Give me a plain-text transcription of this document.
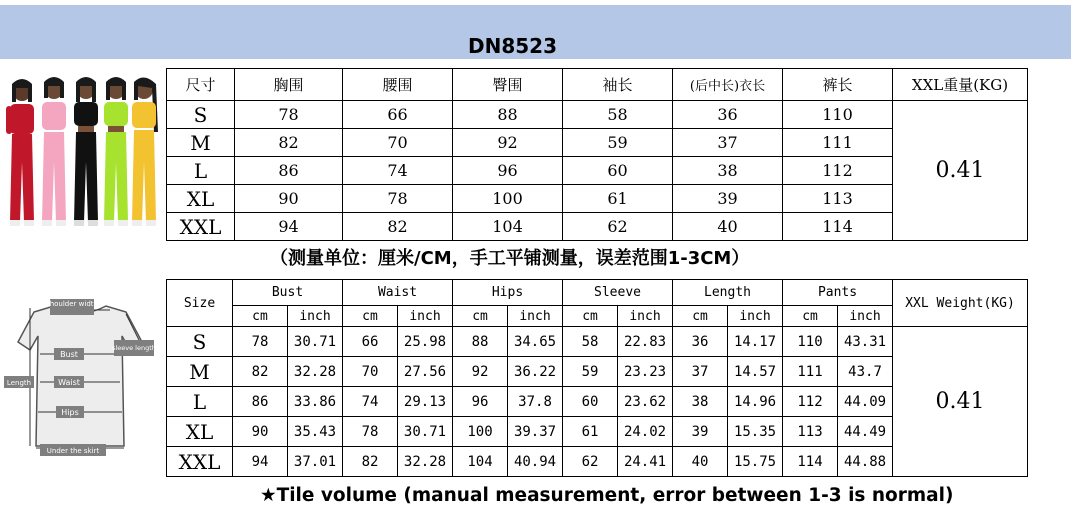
DN8523
shoulder width
Bust
sleeve length
Length	Waist
Hips
Under the skirt
尺寸	胸围	腰围	臀围	袖长	(后中长)衣长	裤长	XXL重量(KG)
S	78	66	88	58	36	110	0.41
M	82	70	92	59	37	111	
L	86	74	96	60	38	112	
XL	90	78	100	61	39	113	
XXL	94	82	104	62	40	114	
（测量单位：厘米/CM，手工平铺测量，误差范围1-3CM）
Size	Bust		Waist		Hips		Sleeve		Length		Pants		XXL Weight(KG)
	cm	inch	cm	inch	cm	inch	cm	inch	cm	inch	cm	inch	
S	78	30.71	66	25.98	88	34.65	58	22.83	36	14.17	110	43.31	0.41
M	82	32.28	70	27.56	92	36.22	59	23.23	37	14.57	111	43.7	
L	86	33.86	74	29.13	96	37.8	60	23.62	38	14.96	112	44.09	
XL	90	35.43	78	30.71	100	39.37	61	24.02	39	15.35	113	44.49	
XXL	94	37.01	82	32.28	104	40.94	62	24.41	40	15.75	114	44.88	
★Tile volume (manual measurement, error between 1-3 is normal)
